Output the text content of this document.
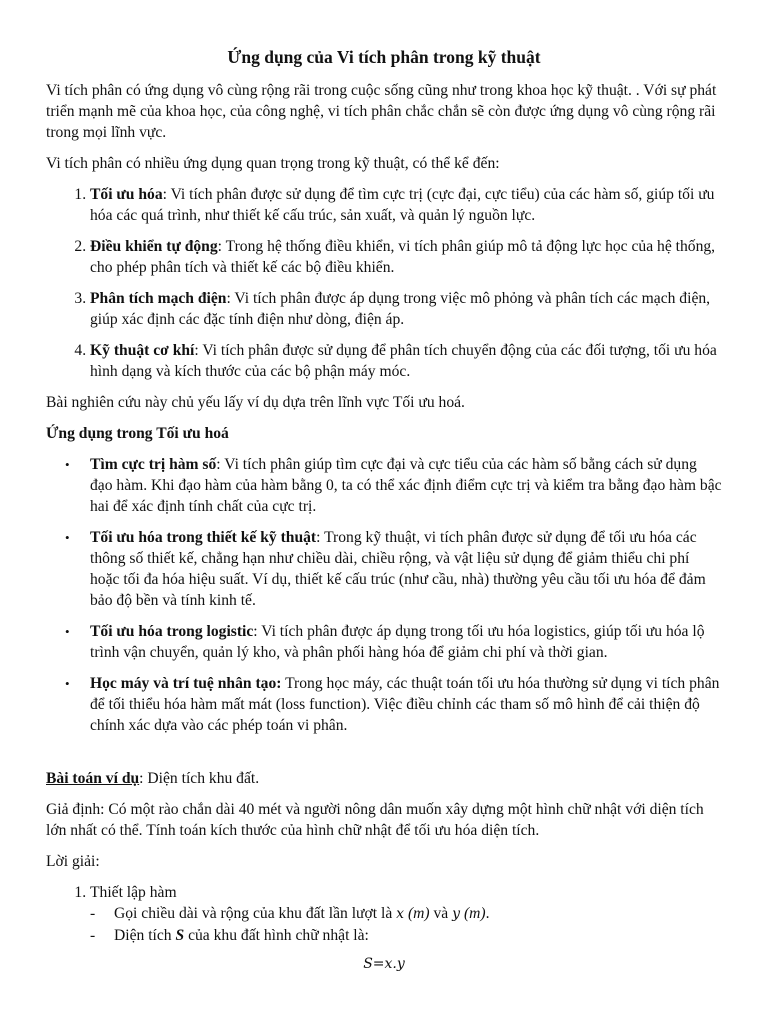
Ứng dụng của Vi tích phân trong kỹ thuật

Vi tích phân có ứng dụng vô cùng rộng rãi trong cuộc sống cũng như trong khoa học kỹ thuật. . Với sự phát triển mạnh mẽ của khoa học, của công nghệ, vi tích phân chắc chắn sẽ còn được ứng dụng vô cùng rộng rãi trong mọi lĩnh vực.

Vi tích phân có nhiều ứng dụng quan trọng trong kỹ thuật, có thể kể đến:

1. Tối ưu hóa: Vi tích phân được sử dụng để tìm cực trị (cực đại, cực tiểu) của các hàm số, giúp tối ưu hóa các quá trình, như thiết kế cấu trúc, sản xuất, và quản lý nguồn lực.
2. Điều khiển tự động: Trong hệ thống điều khiển, vi tích phân giúp mô tả động lực học của hệ thống, cho phép phân tích và thiết kế các bộ điều khiển.
3. Phân tích mạch điện: Vi tích phân được áp dụng trong việc mô phỏng và phân tích các mạch điện, giúp xác định các đặc tính điện như dòng, điện áp.
4. Kỹ thuật cơ khí: Vi tích phân được sử dụng để phân tích chuyển động của các đối tượng, tối ưu hóa hình dạng và kích thước của các bộ phận máy móc.

Bài nghiên cứu này chủ yếu lấy ví dụ dựa trên lĩnh vực Tối ưu hoá.

Ứng dụng trong Tối ưu hoá
• Tìm cực trị hàm số: Vi tích phân giúp tìm cực đại và cực tiểu của các hàm số bằng cách sử dụng đạo hàm. Khi đạo hàm của hàm bằng 0, ta có thể xác định điểm cực trị và kiểm tra bằng đạo hàm bậc hai để xác định tính chất của cực trị.
• Tối ưu hóa trong thiết kế kỹ thuật: Trong kỹ thuật, vi tích phân được sử dụng để tối ưu hóa các thông số thiết kế, chẳng hạn như chiều dài, chiều rộng, và vật liệu sử dụng để giảm thiểu chi phí hoặc tối đa hóa hiệu suất. Ví dụ, thiết kế cấu trúc (như cầu, nhà) thường yêu cầu tối ưu hóa để đảm bảo độ bền và tính kinh tế.
• Tối ưu hóa trong logistic: Vi tích phân được áp dụng trong tối ưu hóa logistics, giúp tối ưu hóa lộ trình vận chuyển, quản lý kho, và phân phối hàng hóa để giảm chi phí và thời gian.
• Học máy và trí tuệ nhân tạo: Trong học máy, các thuật toán tối ưu hóa thường sử dụng vi tích phân để tối thiểu hóa hàm mất mát (loss function). Việc điều chỉnh các tham số mô hình để cải thiện độ chính xác dựa vào các phép toán vi phân.

Bài toán ví dụ: Diện tích khu đất.

Giả định: Có một rào chắn dài 40 mét và người nông dân muốn xây dựng một hình chữ nhật với diện tích lớn nhất có thể. Tính toán kích thước của hình chữ nhật để tối ưu hóa diện tích.

Lời giải:

1. Thiết lập hàm
- Gọi chiều dài và rộng của khu đất lần lượt là x (m) và y (m).
- Diện tích S của khu đất hình chữ nhật là:
S=x.y
